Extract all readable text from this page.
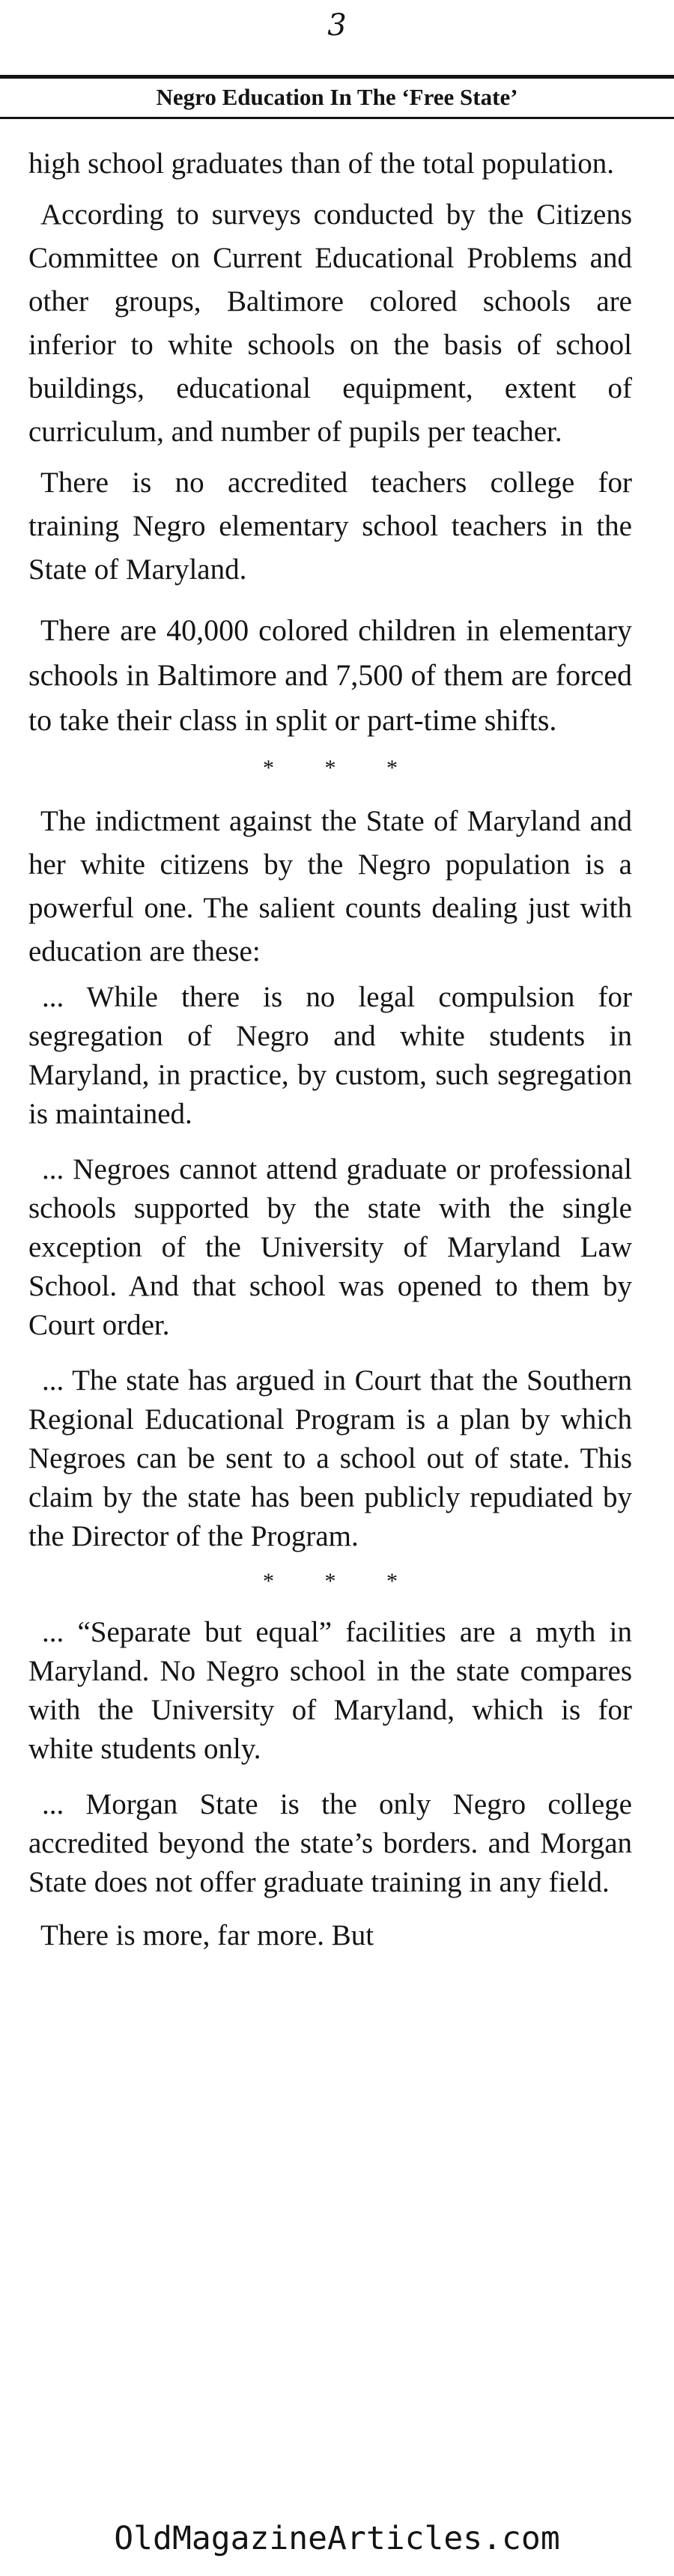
3
Negro Education In The ‘Free State’

high school graduates than of the total population.

According to surveys conducted by the Citizens Committee on Current Educational Problems and other groups, Baltimore colored schools are inferior to white schools on the basis of school buildings, educational equipment, extent of curriculum, and number of pupils per teacher.

There is no accredited teachers college for training Negro elementary school teachers in the State of Maryland.

There are 40,000 colored children in elementary schools in Baltimore and 7,500 of them are forced to take their class in split or part-time shifts.

* * *

The indictment against the State of Maryland and her white citizens by the Negro population is a powerful one. The salient counts dealing just with education are these:

... While there is no legal compulsion for segregation of Negro and white students in Maryland, in practice, by custom, such segregation is maintained.

... Negroes cannot attend graduate or professional schools supported by the state with the single exception of the University of Maryland Law School. And that school was opened to them by Court order.

... The state has argued in Court that the Southern Regional Educational Program is a plan by which Negroes can be sent to a school out of state. This claim by the state has been publicly repudiated by the Director of the Program.

* * *

... “Separate but equal” facilities are a myth in Maryland. No Negro school in the state compares with the University of Maryland, which is for white students only.

... Morgan State is the only Negro college accredited beyond the state’s borders. and Morgan State does not offer graduate training in any field.

There is more, far more. But

OldMagazineArticles.com
